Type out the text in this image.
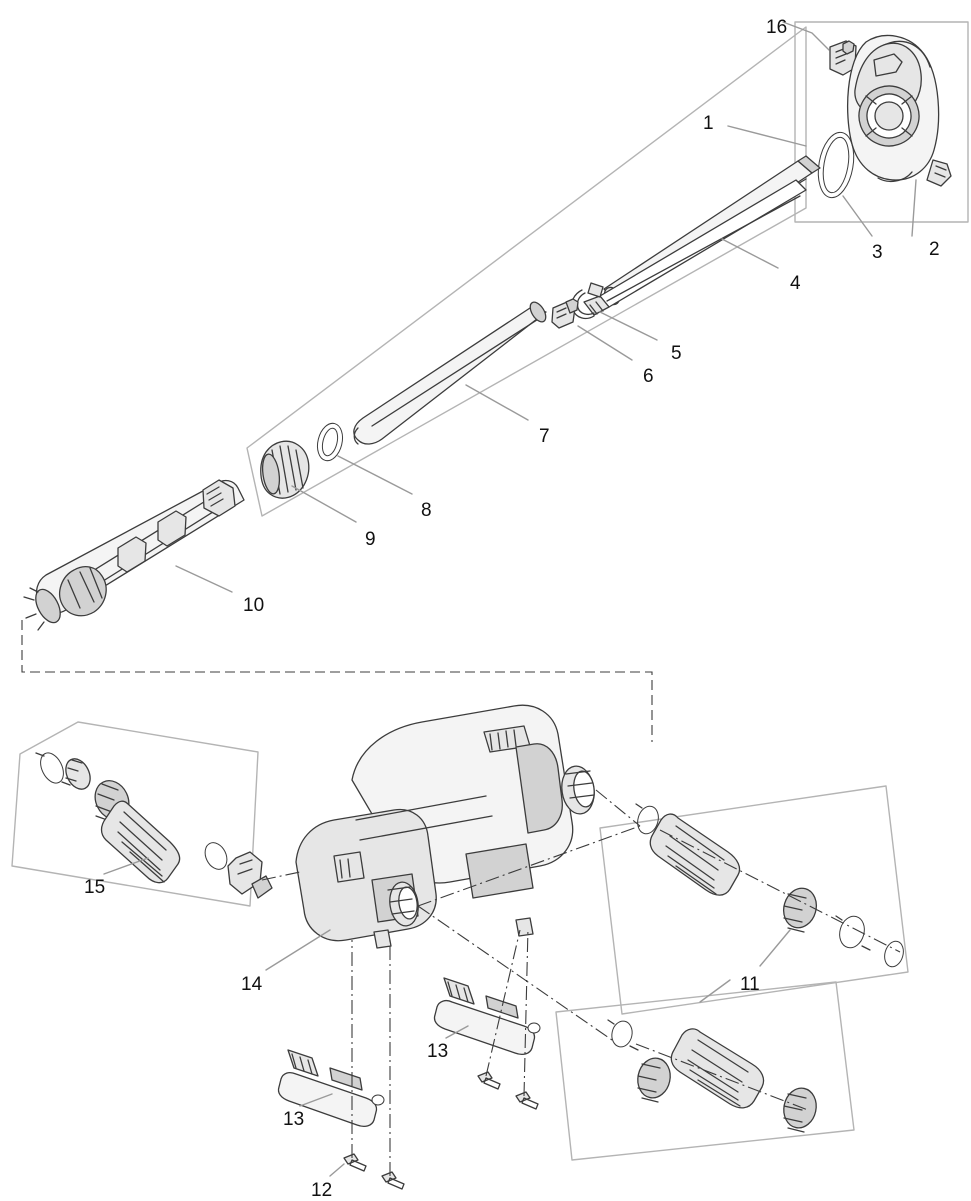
1
2
3
4
5
6
7
8
9
10
11
12
13
13
14
15
16
